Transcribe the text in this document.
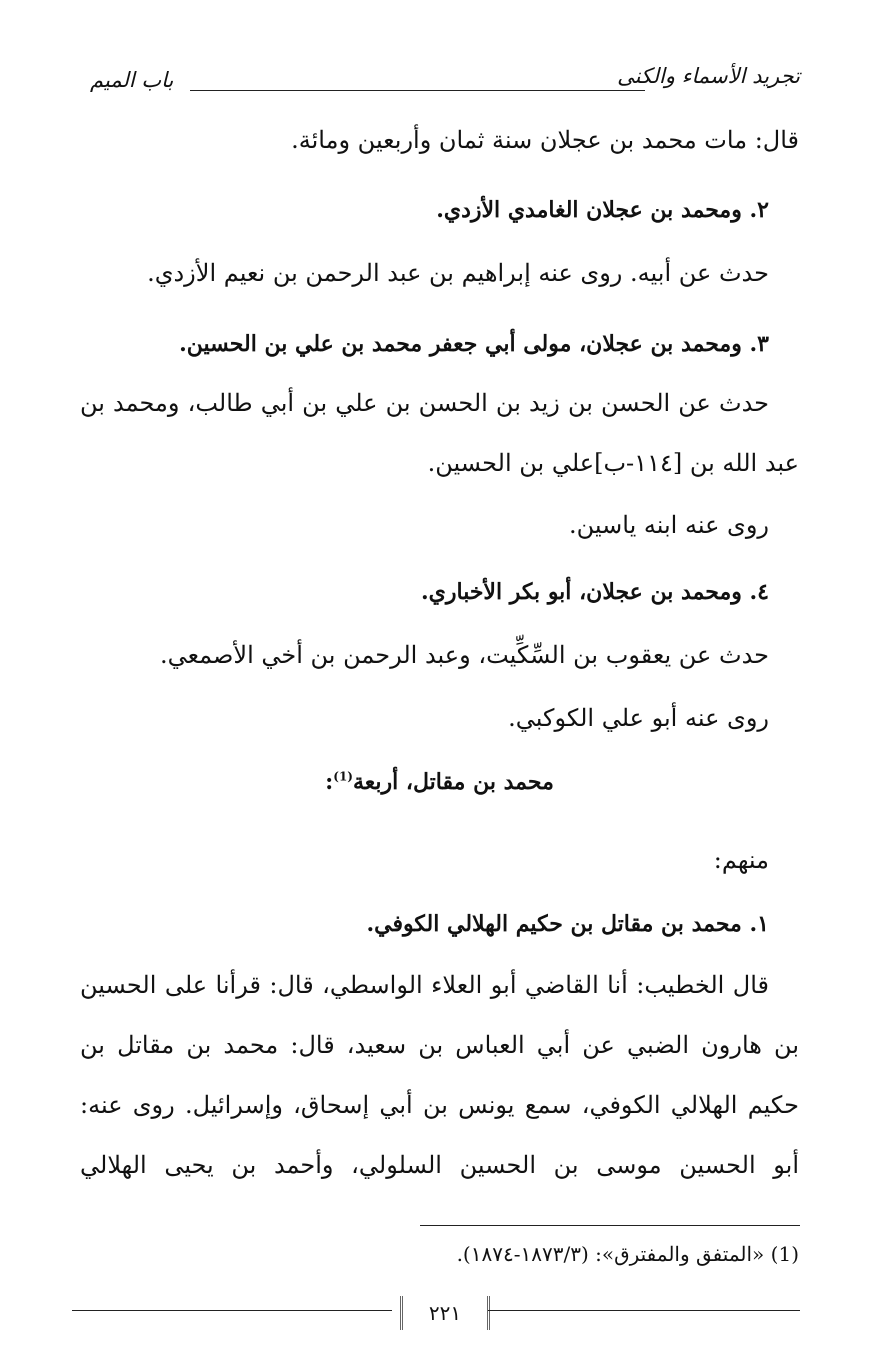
تجريد الأسماء والكنى
باب الميم
قال: مات محمد بن عجلان سنة ثمان وأربعين ومائة.
٢. ومحمد بن عجلان الغامدي الأزدي.
حدث عن أبيه. روى عنه إبراهيم بن عبد الرحمن بن نعيم الأزدي.
٣. ومحمد بن عجلان، مولى أبي جعفر محمد بن علي بن الحسين.
حدث عن الحسن بن زيد بن الحسن بن علي بن أبي طالب، ومحمد بن
عبد الله بن [١١٤-ب]علي بن الحسين.
روى عنه ابنه ياسين.
٤. ومحمد بن عجلان، أبو بكر الأخباري.
حدث عن يعقوب بن السِّكِّيت، وعبد الرحمن بن أخي الأصمعي.
روى عنه أبو علي الكوكبي.
محمد بن مقاتل، أربعة$^{(1)}$:
منهم:
١. محمد بن مقاتل بن حكيم الهلالي الكوفي.
قال الخطيب: أنا القاضي أبو العلاء الواسطي، قال: قرأنا على الحسين
بن هارون الضبي عن أبي العباس بن سعيد، قال: محمد بن مقاتل بن
حكيم الهلالي الكوفي، سمع يونس بن أبي إسحاق، وإسرائيل. روى عنه:
أبو الحسين موسى بن الحسين السلولي، وأحمد بن يحيى الهلالي
(1) «المتفق والمفترق»: (١٨٧٣/٣-١٨٧٤).
٢٢١
